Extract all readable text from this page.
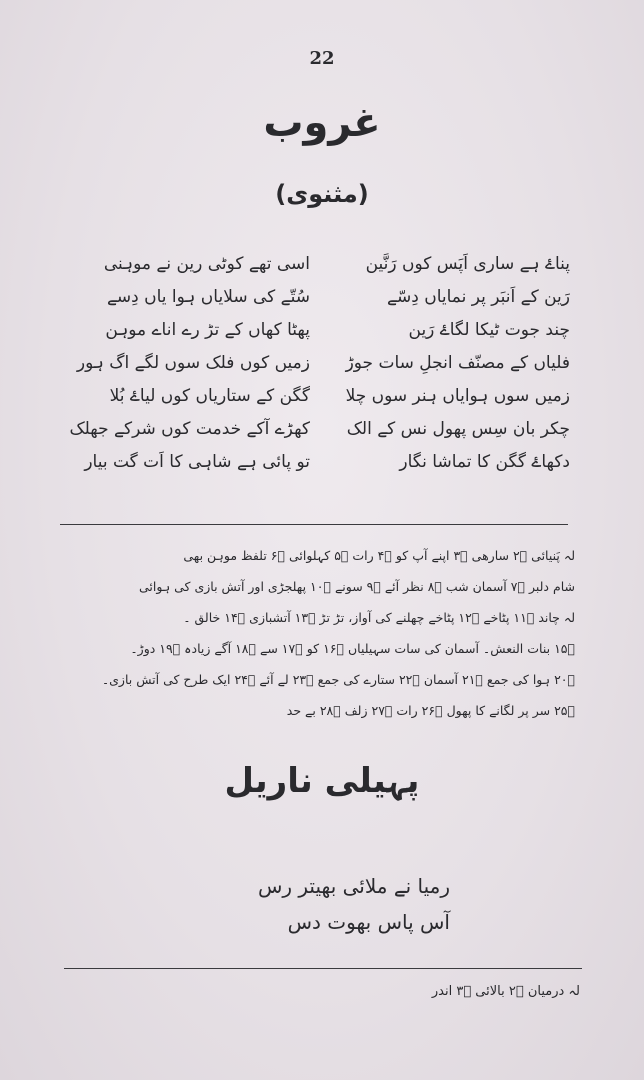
22
غروب
(مثنوی)
پناۓ ہے ساری اَپَس کوں رَنَّین
رَین کے اَنبَر پر نمایاں دِسّے
چند جوت ٹیکا لگاۓ رَین
فلیاں کے مصنّف انجلِ سات جوڑ
زمیں سوں ہوایاں ہنر سوں چلا
چکر بان سِس پھول نس کے الک
دکھاۓ گگن کا تماشا نگار
اسی تھے کوٹی رین نے موہنی
سُتّے کی سلایاں ہوا یاں دِسے
پھٹا کھاں کے تڑ رے اناے موہن
زمیں کوں فلک سوں لگے اگ ہور
گگن کے ستاریاں کوں لیاۓ بُلا
کھڑے آکے خدمت کوں شرکے جھلک
تو پائی ہے شاہی کا اَت گت بیار
لہ پَنیائی ۲ؔ سارھی ۳ؔ اپنے آپ کو ۴ؔ رات ۵ؔ کہلوائی ۶ؔ تلفظ موہن بھی
شام دلبر ۷ؔ آسمان شب ۸ؔ نظر آئے ۹ؔ سونے ۱۰ؔ پھلجڑی اور آتش بازی کی ہوائی
لہ چاند ۱۱ؔ پٹاخے ۱۲ؔ پٹاخے چھلنے کی آواز، تڑ تڑ ۱۳ؔ آتشبازی ۱۴ؔ خالق ۔
۱۵ؔ بنات النعش۔ آسمان کی سات سہیلیاں ۱۶ؔ کو ۱۷ؔ سے ۱۸ؔ آگے زیادہ ۱۹ؔ دوڑ۔
۲۰ؔ ہوا کی جمع ۲۱ؔ آسمان ۲۲ؔ ستارے کی جمع ۲۳ؔ لے آئے ۲۴ؔ ایک طرح کی آتش بازی۔
۲۵ؔ سر پر لگانے کا پھول ۲۶ؔ رات ۲۷ؔ زلف ۲۸ؔ بے حد
پہیلی ناریل
رمیا نے ملائی بھیتر رس
آس پاس بھوت دس
لہ درمیان ۲ؔ بالائی ۳ؔ اندر
